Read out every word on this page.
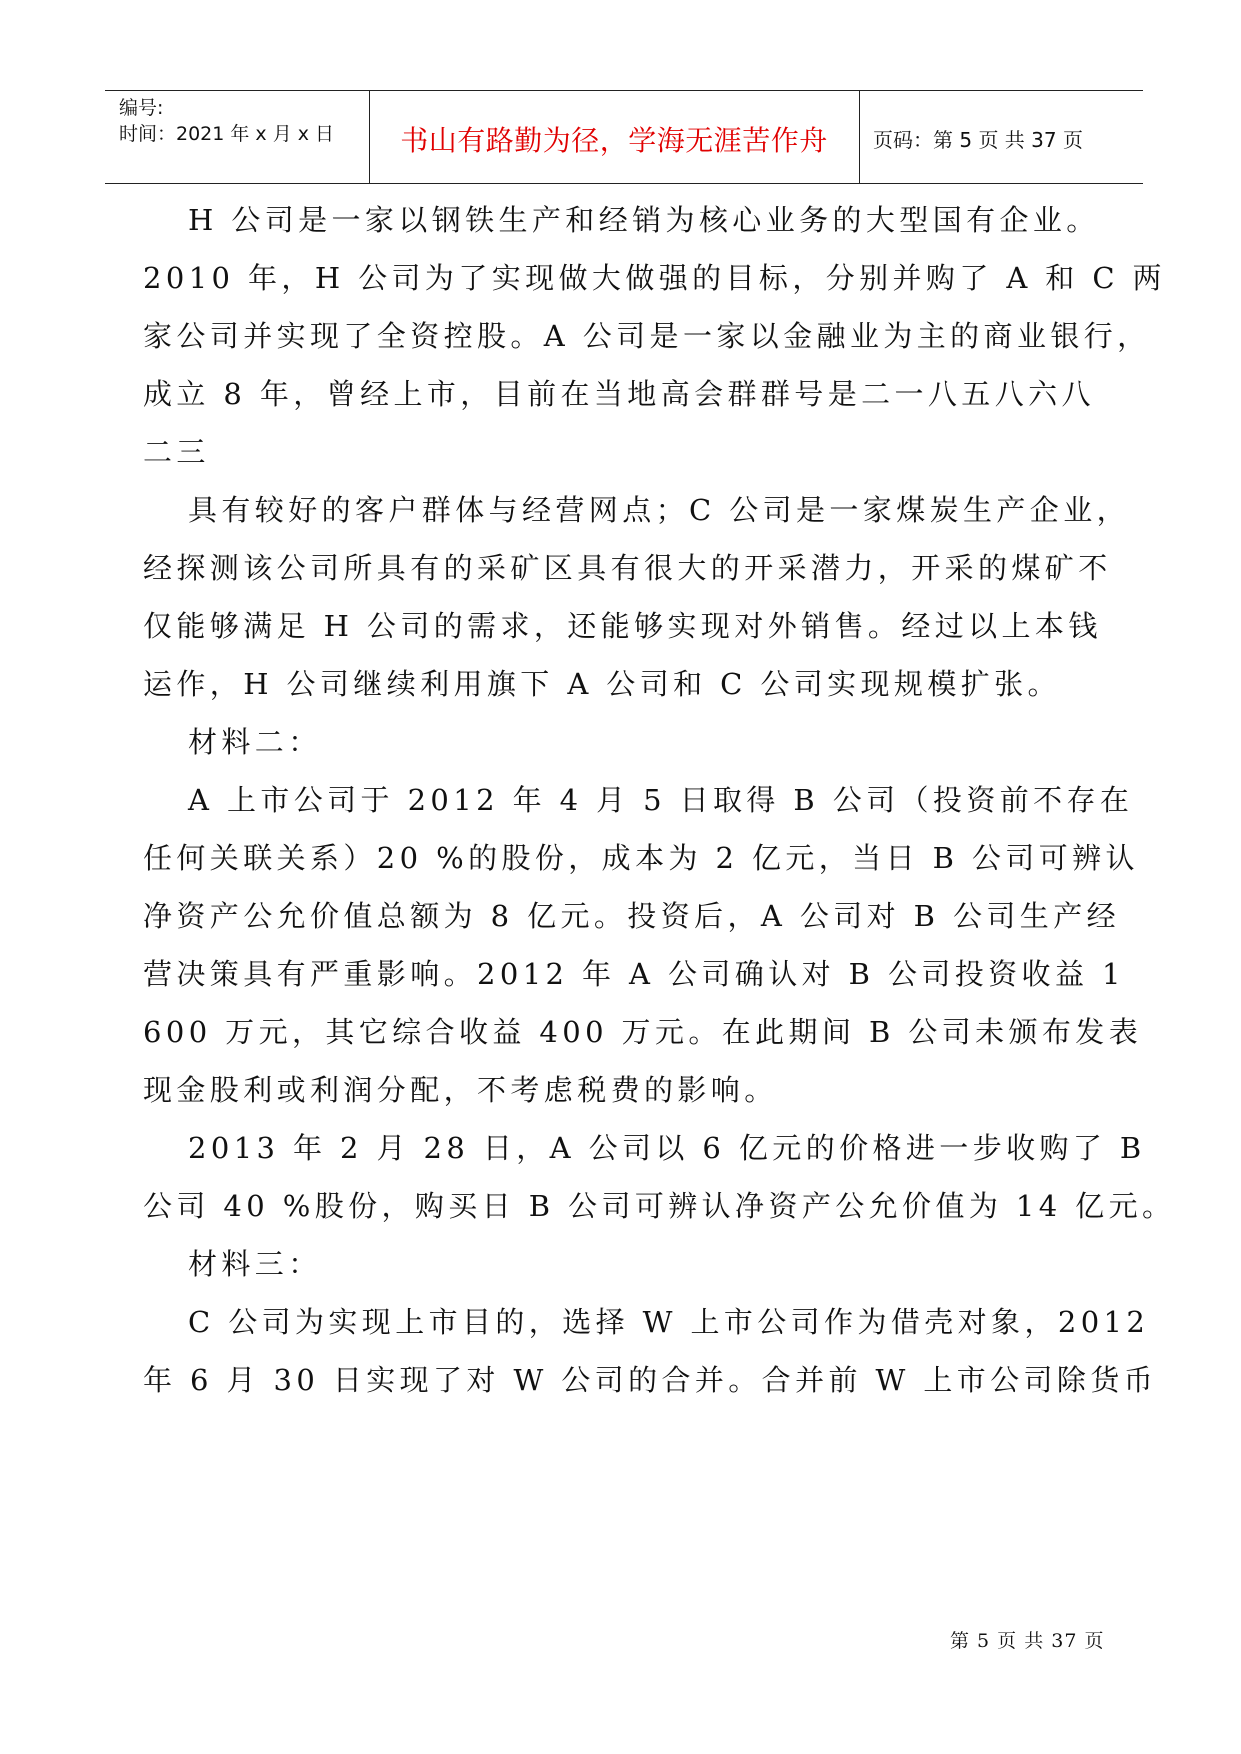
编号:
时间：2021 年 x 月 x 日	书山有路勤为径，学海无涯苦作舟	页码：第 5 页 共 37 页
H 公司是一家以钢铁生产和经销为核心业务的大型国有企业。
2010 年，H 公司为了实现做大做强的目标，分别并购了 A 和 C 两
家公司并实现了全资控股。A 公司是一家以金融业为主的商业银行，
成立 8 年，曾经上市，目前在当地高会群群号是二一八五八六八
二三
具有较好的客户群体与经营网点；C 公司是一家煤炭生产企业，
经探测该公司所具有的采矿区具有很大的开采潜力，开采的煤矿不
仅能够满足 H 公司的需求，还能够实现对外销售。经过以上本钱
运作，H 公司继续利用旗下 A 公司和 C 公司实现规模扩张。
材料二：
A 上市公司于 2012 年 4 月 5 日取得 B 公司（投资前不存在
任何关联关系）20 %的股份，成本为 2 亿元，当日 B 公司可辨认
净资产公允价值总额为 8 亿元。投资后，A 公司对 B 公司生产经
营决策具有严重影响。2012 年 A 公司确认对 B 公司投资收益 1
600 万元，其它综合收益 400 万元。在此期间 B 公司未颁布发表
现金股利或利润分配，不考虑税费的影响。
2013 年 2 月 28 日，A 公司以 6 亿元的价格进一步收购了 B
公司 40 %股份，购买日 B 公司可辨认净资产公允价值为 14 亿元。
材料三：
C 公司为实现上市目的，选择 W 上市公司作为借壳对象，2012
年 6 月 30 日实现了对 W 公司的合并。合并前 W 上市公司除货币
第 5 页 共 37 页
